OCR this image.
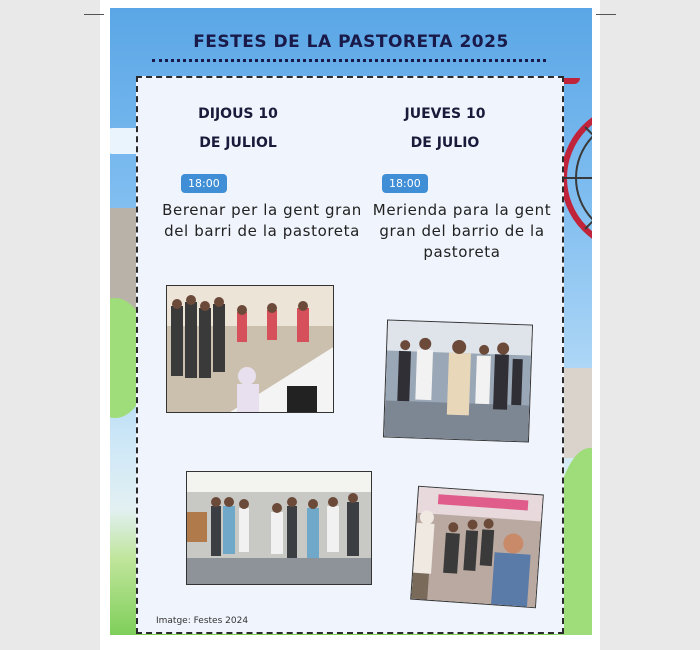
FESTES DE LA PASTORETA 2025
DIJOUS 10
DE JULIOL
18:00
Berenar per la gent gran del barri de la pastoreta
JUEVES 10
DE JULIO
18:00
Merienda para la gent gran del barrio de la pastoreta
Imatge: Festes 2024
